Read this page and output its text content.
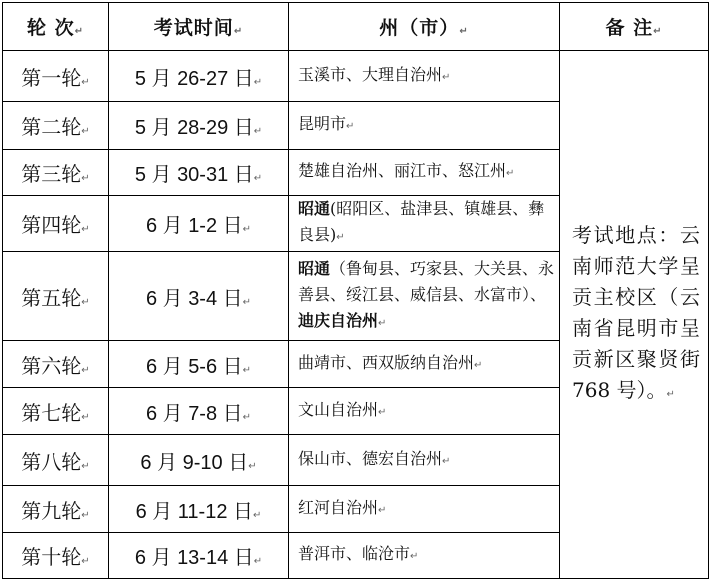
轮 次↵	考试时间↵	州（市）↵	备 注↵
第一轮↵	5 月 26-27 日↵	玉溪市、大理自治州↵	考试地点：云南师范大学呈贡主校区（云南省昆明市呈贡新区聚贤街 768 号）。↵
第二轮↵	5 月 28-29 日↵	昆明市↵	
第三轮↵	5 月 30-31 日↵	楚雄自治州、丽江市、怒江州↵	
第四轮↵	6 月 1-2 日↵	昭通(昭阳区、盐津县、镇雄县、彝良县)↵	
第五轮↵	6 月 3-4 日↵	昭通（鲁甸县、巧家县、大关县、永善县、绥江县、威信县、水富市）、迪庆自治州↵	
第六轮↵	6 月 5-6 日↵	曲靖市、西双版纳自治州↵	
第七轮↵	6 月 7-8 日↵	文山自治州↵	
第八轮↵	6 月 9-10 日↵	保山市、德宏自治州↵	
第九轮↵	6 月 11-12 日↵	红河自治州↵	
第十轮↵	6 月 13-14 日↵	普洱市、临沧市↵	
